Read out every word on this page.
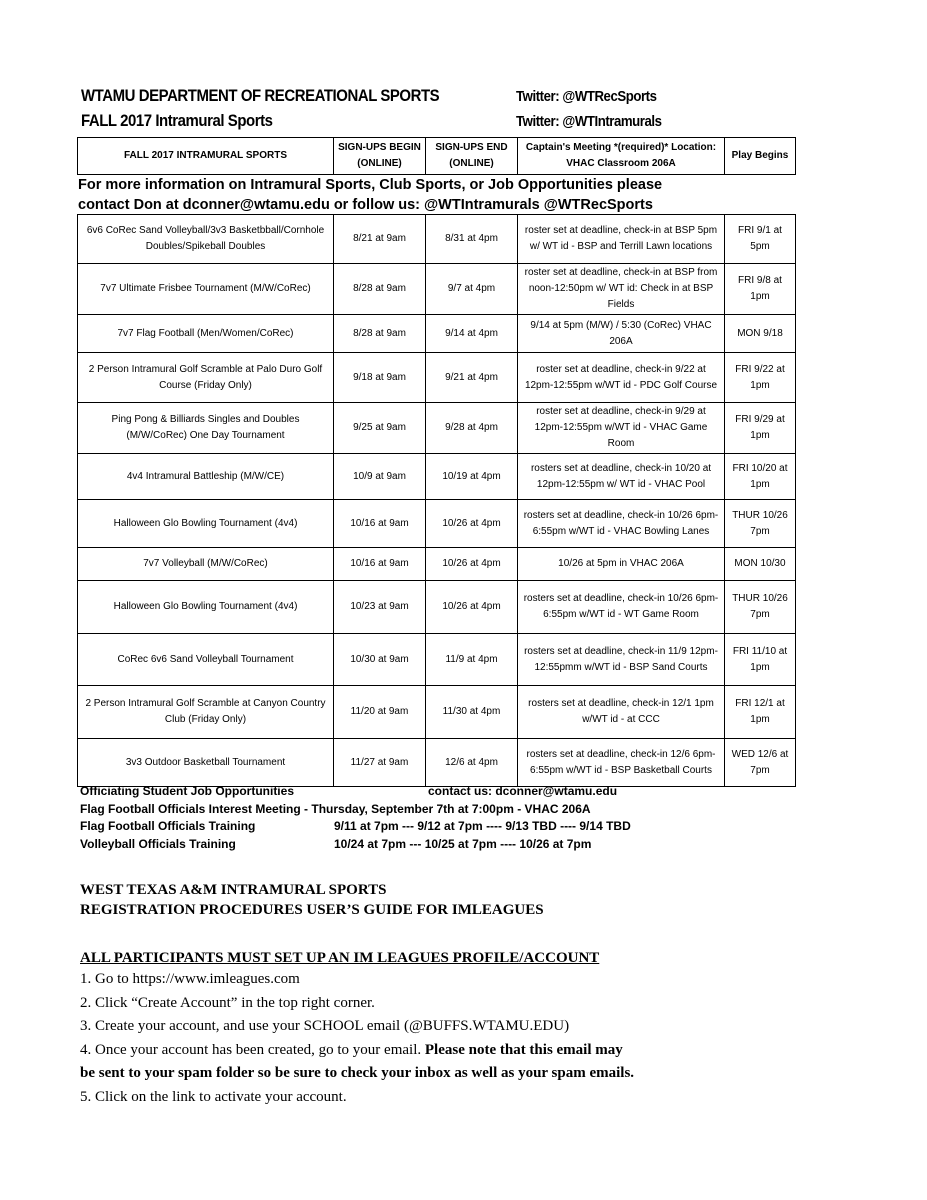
WTAMU DEPARTMENT OF RECREATIONAL SPORTS
FALL 2017 Intramural Sports
Twitter: @WTRecSports
Twitter: @WTIntramurals
FALL 2017 INTRAMURAL SPORTS	SIGN-UPS BEGIN (ONLINE)	SIGN-UPS END (ONLINE)	Captain's Meeting *(required)* Location: VHAC Classroom 206A	Play Begins
For more information on Intramural Sports, Club Sports, or Job Opportunities please
contact Don at dconner@wtamu.edu or follow us: @WTIntramurals @WTRecSports
6v6 CoRec Sand Volleyball/3v3 Basketbball/Cornhole Doubles/Spikeball Doubles	8/21 at 9am	8/31 at 4pm	roster set at deadline, check-in at BSP 5pm w/ WT id - BSP and Terrill Lawn locations	FRI 9/1 at 5pm
7v7 Ultimate Frisbee Tournament (M/W/CoRec)	8/28 at 9am	9/7 at 4pm	roster set at deadline, check-in at BSP from noon-12:50pm w/ WT id: Check in at BSP Fields	FRI 9/8 at 1pm
7v7 Flag Football (Men/Women/CoRec)	8/28 at 9am	9/14 at 4pm	9/14 at 5pm (M/W) / 5:30 (CoRec) VHAC 206A	MON 9/18
2 Person Intramural Golf Scramble at Palo Duro Golf Course (Friday Only)	9/18 at 9am	9/21 at 4pm	roster set at deadline, check-in 9/22 at 12pm-12:55pm w/WT id - PDC Golf Course	FRI 9/22 at 1pm
Ping Pong & Billiards Singles and Doubles (M/W/CoRec) One Day Tournament	9/25 at 9am	9/28 at 4pm	roster set at deadline, check-in 9/29 at 12pm-12:55pm w/WT id - VHAC Game Room	FRI 9/29 at 1pm
4v4 Intramural Battleship (M/W/CE)	10/9 at 9am	10/19 at 4pm	rosters set at deadline, check-in 10/20 at 12pm-12:55pm w/ WT id - VHAC Pool	FRI 10/20 at 1pm
Halloween Glo Bowling Tournament (4v4)	10/16 at 9am	10/26 at 4pm	rosters set at deadline, check-in 10/26 6pm-6:55pm w/WT id - VHAC Bowling Lanes	THUR 10/26 7pm
7v7 Volleyball (M/W/CoRec)	10/16 at 9am	10/26 at 4pm	10/26 at 5pm in VHAC 206A	MON 10/30
Halloween Glo Bowling Tournament (4v4)	10/23 at 9am	10/26 at 4pm	rosters set at deadline, check-in 10/26 6pm-6:55pm w/WT id - WT Game Room	THUR 10/26 7pm
CoRec 6v6 Sand Volleyball Tournament	10/30 at 9am	11/9 at 4pm	rosters set at deadline, check-in 11/9 12pm-12:55pmm w/WT id - BSP Sand Courts	FRI 11/10 at 1pm
2 Person Intramural Golf Scramble at Canyon Country Club (Friday Only)	11/20 at 9am	11/30 at 4pm	rosters set at deadline, check-in 12/1 1pm w/WT id - at CCC	FRI 12/1 at 1pm
3v3 Outdoor Basketball Tournament	11/27 at 9am	12/6 at 4pm	rosters set at deadline, check-in 12/6 6pm-6:55pm w/WT id - BSP Basketball Courts	WED 12/6 at 7pm
Officiating Student Job Opportunities	contact us: dconner@wtamu.edu
Flag Football Officials Interest Meeting - Thursday, September 7th at 7:00pm - VHAC 206A
Flag Football Officials Training	9/11 at 7pm --- 9/12 at 7pm ---- 9/13 TBD ---- 9/14 TBD
Volleyball Officials Training	10/24 at 7pm --- 10/25 at 7pm ---- 10/26 at 7pm
WEST TEXAS A&M INTRAMURAL SPORTS
REGISTRATION PROCEDURES USER’S GUIDE FOR IMLEAGUES
ALL PARTICIPANTS MUST SET UP AN IM LEAGUES PROFILE/ACCOUNT
1. Go to https://www.imleagues.com
2. Click “Create Account” in the top right corner.
3. Create your account, and use your SCHOOL email (@BUFFS.WTAMU.EDU)
4. Once your account has been created, go to your email. Please note that this email may
be sent to your spam folder so be sure to check your inbox as well as your spam emails.
5. Click on the link to activate your account.
